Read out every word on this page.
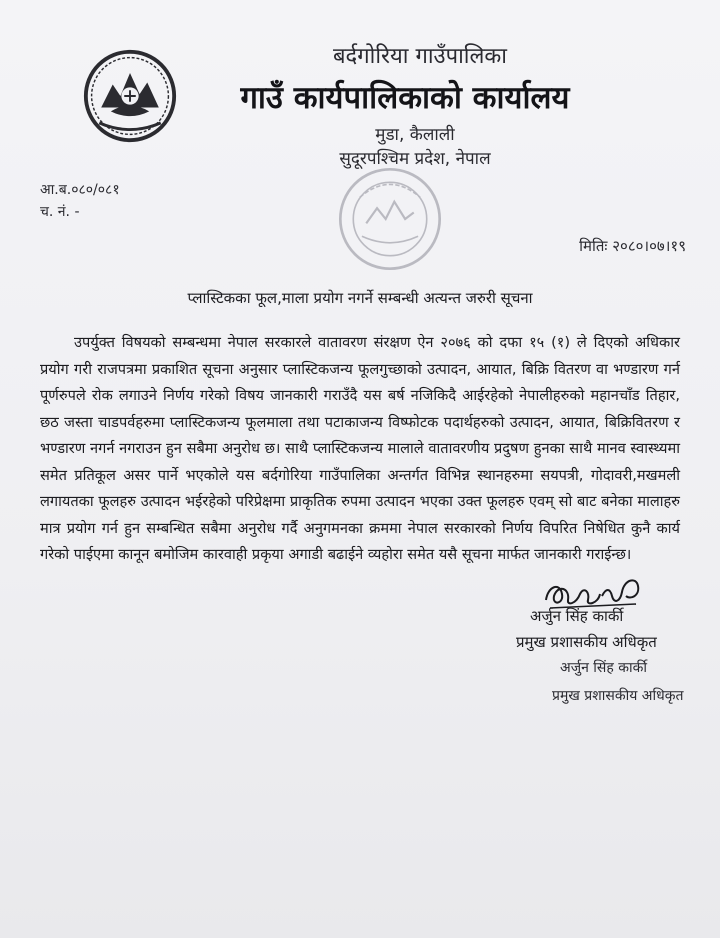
बर्दगोरिया गाउँपालिका
गाउँ कार्यपालिकाको कार्यालय
मुडा, कैलाली
सुदूरपश्चिम प्रदेश, नेपाल
आ.ब.०८०/०८१
च. नं. -
मितिः २०८०।०७।१९
प्लास्टिकका फूल,माला प्रयोग नगर्ने सम्बन्धी अत्यन्त जरुरी सूचना

उपर्युक्त विषयको सम्बन्धमा नेपाल सरकारले वातावरण संरक्षण ऐन २०७६ को दफा १५ (१) ले दिएको अधिकार प्रयोग गरी राजपत्रमा प्रकाशित सूचना अनुसार प्लास्टिकजन्य फूलगुच्छाको उत्पादन, आयात, बिक्रि वितरण वा भण्डारण गर्न पूर्णरुपले रोक लगाउने निर्णय गरेको विषय जानकारी गराउँदै यस बर्ष नजिकिदै आईरहेको नेपालीहरुको महानचाँड तिहार, छठ जस्ता चाडपर्वहरुमा प्लास्टिकजन्य फूलमाला तथा पटाकाजन्य विष्फोटक पदार्थहरुको उत्पादन, आयात, बिक्रिवितरण र भण्डारण नगर्न नगराउन हुन सबैमा अनुरोध छ। साथै प्लास्टिकजन्य मालाले वातावरणीय प्रदुषण हुनका साथै मानव स्वास्थ्यमा समेत प्रतिकूल असर पार्ने भएकोले यस बर्दगोरिया गाउँपालिका अन्तर्गत विभिन्न स्थानहरुमा सयपत्री, गोदावरी,मखमली लगायतका फूलहरु उत्पादन भईरहेको परिप्रेक्षमा प्राकृतिक रुपमा उत्पादन भएका उक्त फूलहरु एवम् सो बाट बनेका मालाहरु मात्र प्रयोग गर्न हुन सम्बन्धित सबैमा अनुरोध गर्दै अनुगमनका क्रममा नेपाल सरकारको निर्णय विपरित निषेधित कुनै कार्य गरेको पाईएमा कानून बमोजिम कारवाही प्रकृया अगाडी बढाईने व्यहोरा समेत यसै सूचना मार्फत जानकारी गराईन्छ।

अर्जुन सिंह कार्की
प्रमुख प्रशासकीय अधिकृत
अर्जुन सिंह कार्की
प्रमुख प्रशासकीय अधिकृत
